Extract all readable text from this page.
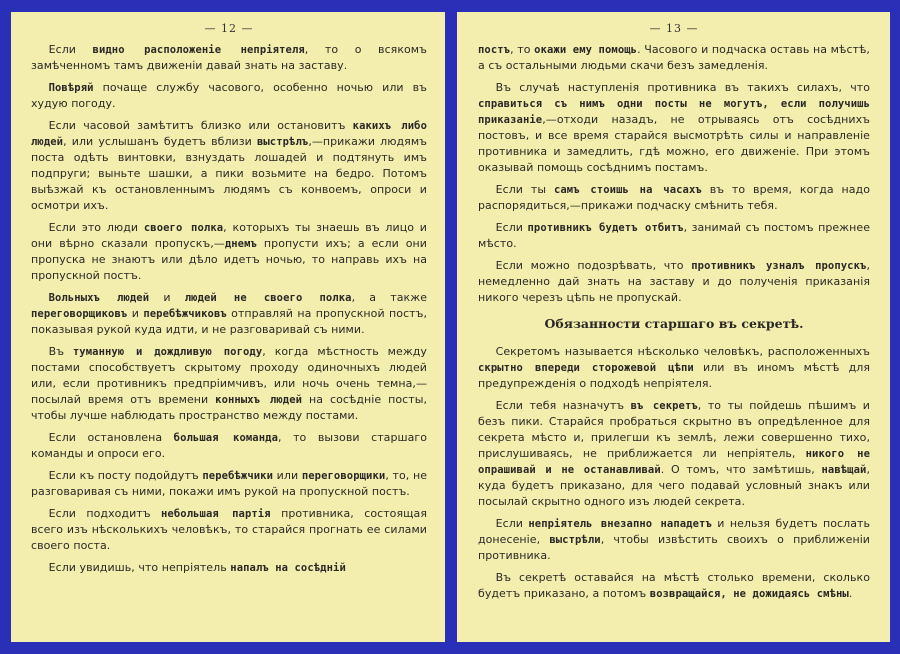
— 12 —

Если видно расположеніе непріятеля, то о всякомъ замѣченномъ тамъ движеніи давай знать на заставу.

Повѣряй почаще службу часового, особенно ночью или въ худую погоду.

Если часовой замѣтитъ близко или остановитъ какихъ либо людей, или услышанъ будетъ вблизи выстрѣлъ,—прикажи людямъ поста одѣть винтовки, взнуздать лошадей и подтянуть имъ подпруги; выньте шашки, а пики возьмите на бедро. Потомъ выѣзжай къ остановленнымъ людямъ съ конвоемъ, опроси и осмотри ихъ.

Если это люди своего полка, которыхъ ты знаешь въ лицо и они вѣрно сказали пропускъ,—днемъ пропусти ихъ; а если они пропуска не знаютъ или дѣло идетъ ночью, то направь ихъ на пропускной постъ.

Вольныхъ людей и людей не своего полка, а также переговорщиковъ и перебѣжчиковъ отправляй на пропускной постъ, показывая рукой куда идти, и не разговаривай съ ними.

Въ туманную и дождливую погоду, когда мѣстность между постами способствуетъ скрытому проходу одиночныхъ людей или, если противникъ предпріимчивъ, или ночь очень темна,—посылай время отъ времени конныхъ людей на сосѣдніе посты, чтобы лучше наблюдать пространство между постами.

Если остановлена большая команда, то вызови старшаго команды и опроси его.

Если къ посту подойдутъ перебѣжчики или переговорщики, то, не разговаривая съ ними, покажи имъ рукой на пропускной постъ.

Если подходитъ небольшая партія противника, состоящая всего изъ нѣсколькихъ человѣкъ, то старайся прогнать ее силами своего поста.

Если увидишь, что непріятель напалъ на сосѣдній

— 13 —

постъ, то окажи ему помощь. Часового и подчаска оставь на мѣстѣ, а съ остальными людьми скачи безъ замедленія.

Въ случаѣ наступленія противника въ такихъ силахъ, что справиться съ нимъ одни посты не могутъ, если получишь приказаніе,—отходи назадъ, не отрываясь отъ сосѣднихъ постовъ, и все время старайся высмотрѣть силы и направленіе противника и замедлить, гдѣ можно, его движеніе. При этомъ оказывай помощь сосѣднимъ постамъ.

Если ты самъ стоишь на часахъ въ то время, когда надо распорядиться,—прикажи подчаску смѣнить тебя.

Если противникъ будетъ отбитъ, занимай съ постомъ прежнее мѣсто.

Если можно подозрѣвать, что противникъ узналъ пропускъ, немедленно дай знать на заставу и до полученія приказанія никого черезъ цѣпь не пропускай.

Обязанности старшаго въ секретѣ.

Секретомъ называется нѣсколько человѣкъ, расположенныхъ скрытно впереди сторожевой цѣпи или въ иномъ мѣстѣ для предупрежденія о подходѣ непріятеля.

Если тебя назначутъ въ секретъ, то ты пойдешь пѣшимъ и безъ пики. Старайся пробраться скрытно въ опредѣленное для секрета мѣсто и, прилегши къ землѣ, лежи совершенно тихо, прислушиваясь, не приближается ли непріятель, никого не опрашивай и не останавливай. О томъ, что замѣтишь, навѣщай, куда будетъ приказано, для чего подавай условный знакъ или посылай скрытно одного изъ людей секрета.

Если непріятель внезапно нападетъ и нельзя будетъ послать донесеніе, выстрѣли, чтобы извѣстить своихъ о приближеніи противника.

Въ секретѣ оставайся на мѣстѣ столько времени, сколько будетъ приказано, а потомъ возвращайся, не дожидаясь смѣны.
